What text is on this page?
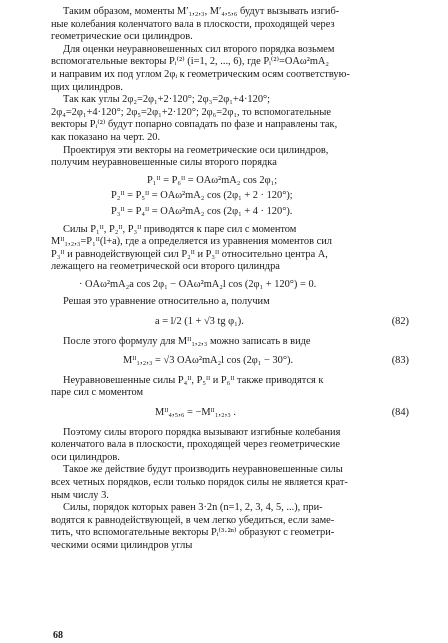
Таким образом, моменты M′₁,₂,₃, M′₄,₅,₆ будут вызывать изгиб-

ные колебания коленчатого вала в плоскости, проходящей через

геометрические оси цилиндров.

Для оценки неуравновешенных сил второго порядка возьмем

вспомогательные векторы Pᵢ⁽²⁾ (i=1, 2, ..., 6), где Pᵢ⁽²⁾=OAω²mA₂

и направим их под углом 2φᵢ к геометрическим осям соответствую-

щих цилиндров.

Так как углы 2φ₂=2φ₁+2·120°; 2φ₃=2φ₁+4·120°;

2φ₄=2φ₁+4·120°; 2φ₅=2φ₁+2·120°; 2φ₆=2φ₁, то вспомогательные

векторы Pᵢ⁽²⁾ будут попарно совпадать по фазе и направлены так,

как показано на черт. 20.

Проектируя эти векторы на геометрические оси цилиндров,

получим неуравновешенные силы второго порядка

P₁ᴵᴵ = P₆ᴵᴵ = OAω²mA₂ cos 2φ₁;

P₂ᴵᴵ = P₅ᴵᴵ = OAω²mA₂ cos (2φ₁ + 2 · 120°);

P₃ᴵᴵ = P₄ᴵᴵ = OAω²mA₂ cos (2φ₁ + 4 · 120°).

Силы P₁ᴵᴵ, P₂ᴵᴵ, P₃ᴵᴵ приводятся к паре сил с моментом

Mᴵᴵ₁,₂,₃=P₁ᴵᴵ(l+a), где a определяется из уравнения моментов сил

P₃ᴵᴵ и равнодействующей сил P₂ᴵᴵ и P₃ᴵᴵ относительно центра A,

лежащего на геометрической оси второго цилиндра

· OAω²mA₂a cos 2φ₁ − OAω²mA₂l cos (2φ₁ + 120°) = 0.

Решая это уравнение относительно a, получим

a = l/2 (1 + √3 tg φ₁).	(82)

После этого формулу для Mᴵᴵ₁,₂,₃ можно записать в виде

Mᴵᴵ₁,₂,₃ = √3 OAω²mA₂l cos (2φ₁ − 30°).	(83)

Неуравновешенные силы P₄ᴵᴵ, P₅ᴵᴵ и P₆ᴵᴵ также приводятся к

паре сил с моментом

Mᴵᴵ₄,₅,₆ = −Mᴵᴵ₁,₂,₃ .	(84)

Поэтому силы второго порядка вызывают изгибные колебания

коленчатого вала в плоскости, проходящей через геометрические

оси цилиндров.

Такое же действие будут производить неуравновешенные силы

всех четных порядков, если только порядок силы не является крат-

ным числу 3.

Силы, порядок которых равен 3·2n (n=1, 2, 3, 4, 5, ...), при-

водятся к равнодействующей, в чем легко убедиться, если заме-

тить, что вспомогательные векторы Pᵢ⁽³·²ⁿ⁾ образуют с геометри-

ческими осями цилиндров углы

68
